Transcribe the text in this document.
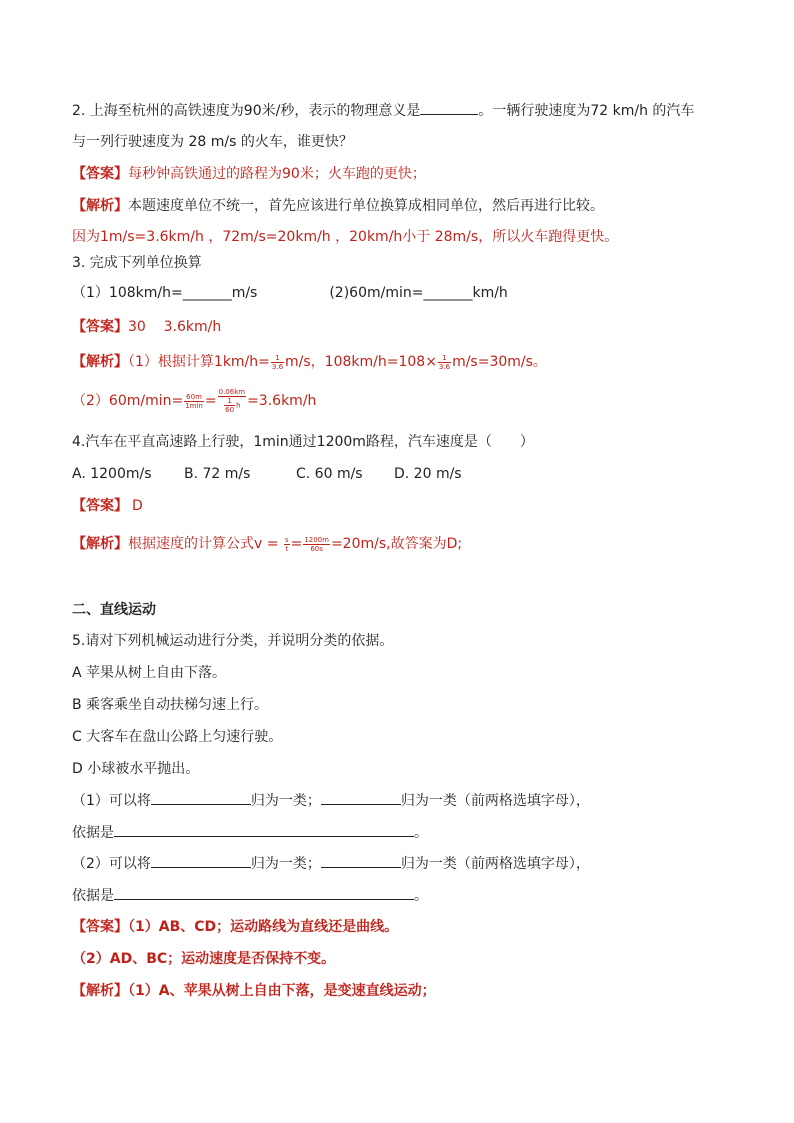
2. 上海至杭州的高铁速度为90米/秒，表示的物理意义是	。一辆行驶速度为72 km/h 的汽车
与一列行驶速度为 28 m/s 的火车，谁更快？
【答案】每秒钟高铁通过的路程为90米；火车跑的更快；
【解析】本题速度单位不统一，首先应该进行单位换算成相同单位，然后再进行比较。
因为1m/s=3.6km/h ，72m/s=20km/h ，20km/h小于 28m/s，所以火车跑得更快。
3. 完成下列单位换算
（1）108km/h=_______m/s	(2)60m/min=_______km/h
【答案】30    3.6km/h
【解析】（1）根据计算$1km/h= \frac{1}{3.6} m/s$，$108km/h=108\times \frac{1}{3.6} m/s=30m/s$。
$(2)60m/\min= \frac{60m}{1\min} = \frac{0.06km}{\frac{1}{60} h} =3.6km/h$
4.汽车在平直高速路上行驶，1min通过1200m路程，汽车速度是（　　）
A. 1200m/s B. 72 m/s	C. 60 m/s D. 20 m/s
【答案】 D
【解析】根据速度的计算公式$v = \frac{s}{t} = \frac{1200m}{60s} =20m/s$,故答案为D;
二、直线运动
5.请对下列机械运动进行分类，并说明分类的依据。
A 苹果从树上自由下落。
B 乘客乘坐自动扶梯匀速上行。
C 大客车在盘山公路上匀速行驶。
D 小球被水平抛出。
（1）可以将	归为一类；	归为一类（前两格选填字母），
依据是	。
（2）可以将	归为一类；	归为一类（前两格选填字母），
依据是	。
【答案】（1）AB、CD；运动路线为直线还是曲线。
（2）AD、BC；运动速度是否保持不变。
【解析】（1）A、苹果从树上自由下落，是变速直线运动；
